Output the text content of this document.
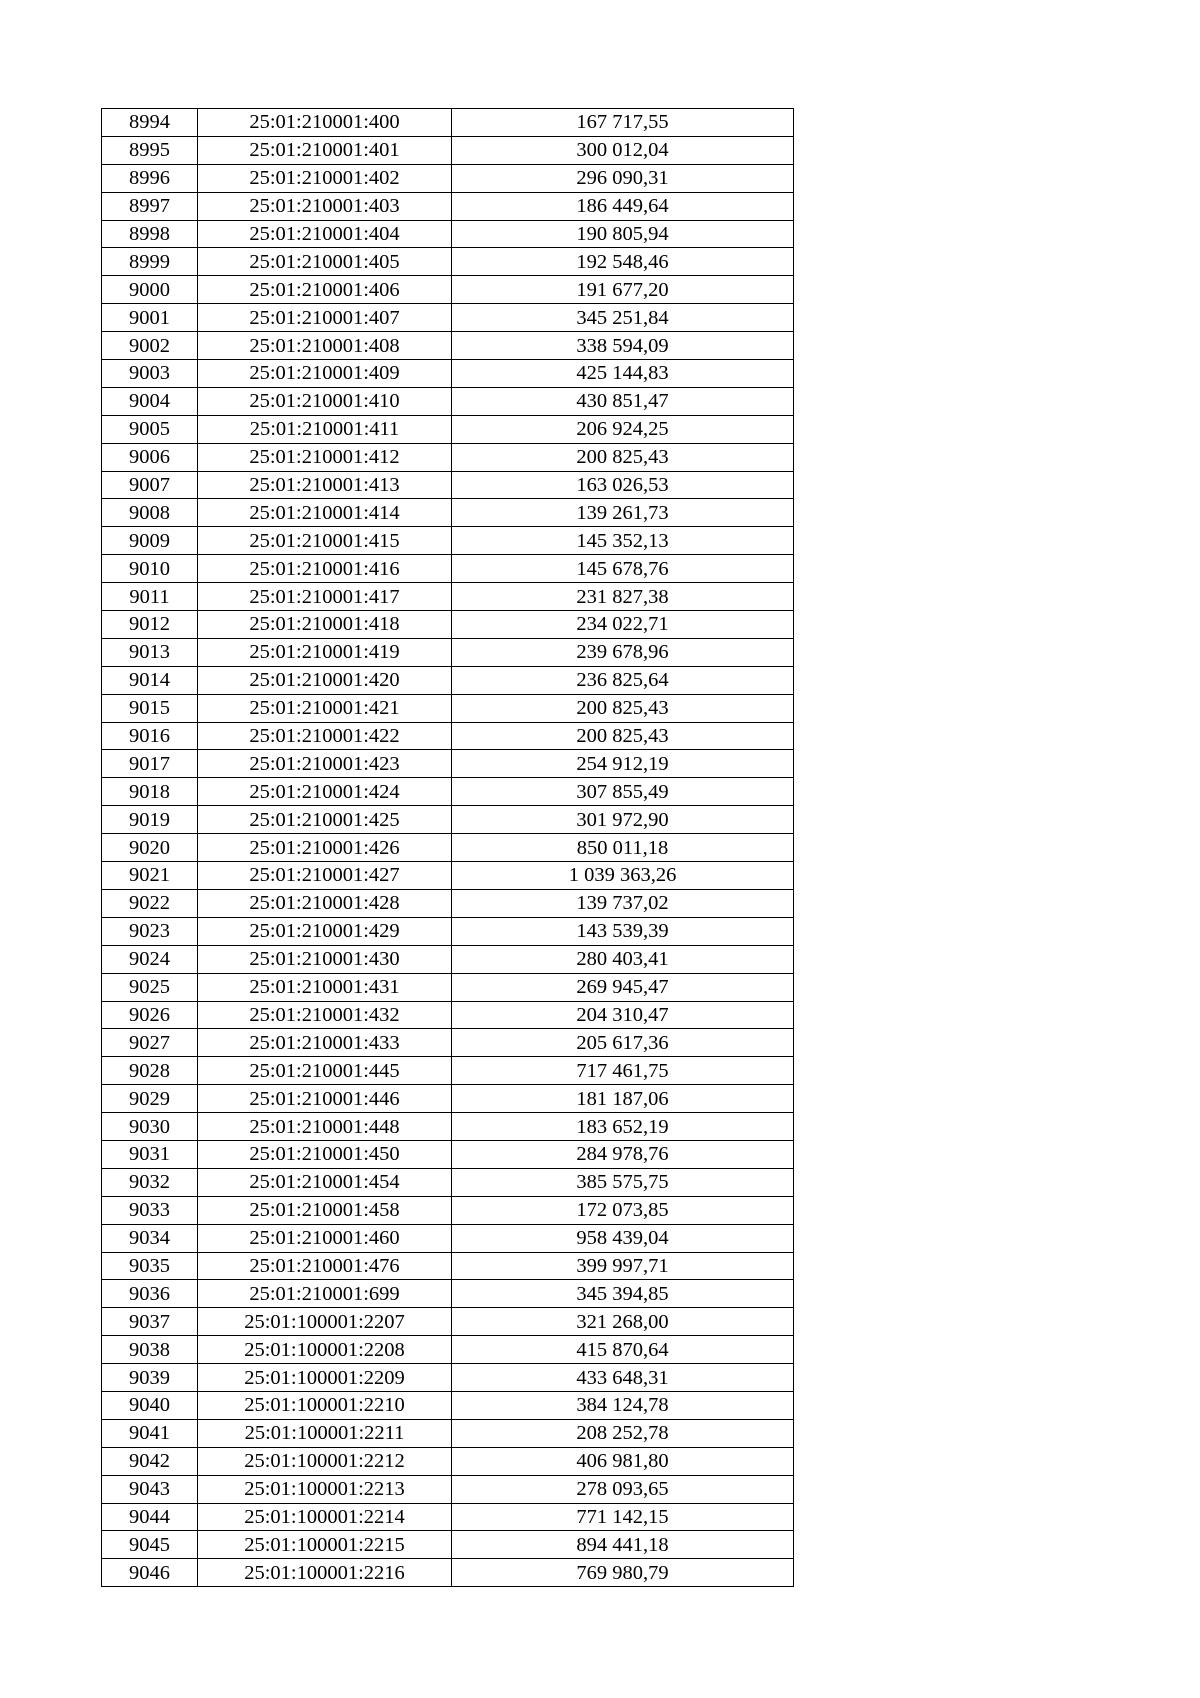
8994	25:01:210001:400	167 717,55
8995	25:01:210001:401	300 012,04
8996	25:01:210001:402	296 090,31
8997	25:01:210001:403	186 449,64
8998	25:01:210001:404	190 805,94
8999	25:01:210001:405	192 548,46
9000	25:01:210001:406	191 677,20
9001	25:01:210001:407	345 251,84
9002	25:01:210001:408	338 594,09
9003	25:01:210001:409	425 144,83
9004	25:01:210001:410	430 851,47
9005	25:01:210001:411	206 924,25
9006	25:01:210001:412	200 825,43
9007	25:01:210001:413	163 026,53
9008	25:01:210001:414	139 261,73
9009	25:01:210001:415	145 352,13
9010	25:01:210001:416	145 678,76
9011	25:01:210001:417	231 827,38
9012	25:01:210001:418	234 022,71
9013	25:01:210001:419	239 678,96
9014	25:01:210001:420	236 825,64
9015	25:01:210001:421	200 825,43
9016	25:01:210001:422	200 825,43
9017	25:01:210001:423	254 912,19
9018	25:01:210001:424	307 855,49
9019	25:01:210001:425	301 972,90
9020	25:01:210001:426	850 011,18
9021	25:01:210001:427	1 039 363,26
9022	25:01:210001:428	139 737,02
9023	25:01:210001:429	143 539,39
9024	25:01:210001:430	280 403,41
9025	25:01:210001:431	269 945,47
9026	25:01:210001:432	204 310,47
9027	25:01:210001:433	205 617,36
9028	25:01:210001:445	717 461,75
9029	25:01:210001:446	181 187,06
9030	25:01:210001:448	183 652,19
9031	25:01:210001:450	284 978,76
9032	25:01:210001:454	385 575,75
9033	25:01:210001:458	172 073,85
9034	25:01:210001:460	958 439,04
9035	25:01:210001:476	399 997,71
9036	25:01:210001:699	345 394,85
9037	25:01:100001:2207	321 268,00
9038	25:01:100001:2208	415 870,64
9039	25:01:100001:2209	433 648,31
9040	25:01:100001:2210	384 124,78
9041	25:01:100001:2211	208 252,78
9042	25:01:100001:2212	406 981,80
9043	25:01:100001:2213	278 093,65
9044	25:01:100001:2214	771 142,15
9045	25:01:100001:2215	894 441,18
9046	25:01:100001:2216	769 980,79
